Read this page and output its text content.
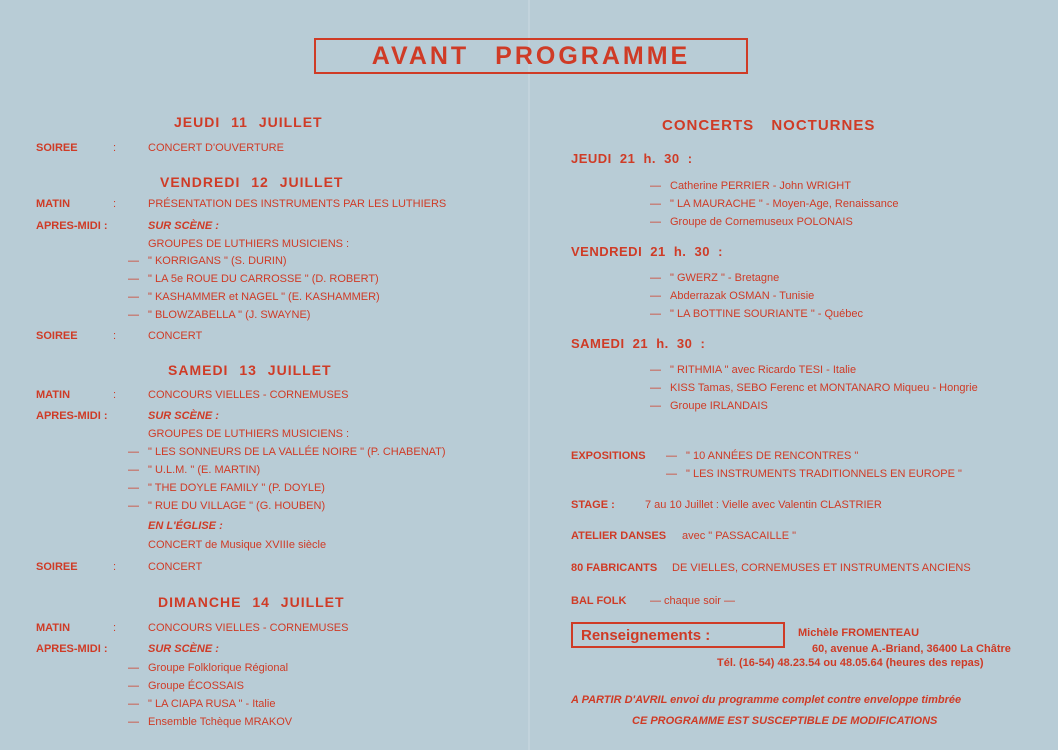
AVANT PROGRAMME
JEUDI 11 JUILLET
SOIREE	:	CONCERT D'OUVERTURE
VENDREDI 12 JUILLET
MATIN	:	PRÉSENTATION DES INSTRUMENTS PAR LES LUTHIERS
APRES-MIDI :	SUR SCÈNE :
GROUPES DE LUTHIERS MUSICIENS :
— " KORRIGANS " (S. DURIN)
— " LA 5e ROUE DU CARROSSE " (D. ROBERT)
— " KASHAMMER et NAGEL " (E. KASHAMMER)
— " BLOWZABELLA " (J. SWAYNE)
SOIREE	:	CONCERT
SAMEDI 13 JUILLET
MATIN	:	CONCOURS VIELLES - CORNEMUSES
APRES-MIDI :	SUR SCÈNE :
GROUPES DE LUTHIERS MUSICIENS :
— " LES SONNEURS DE LA VALLÉE NOIRE " (P. CHABENAT)
— " U.L.M. " (E. MARTIN)
— " THE DOYLE FAMILY " (P. DOYLE)
— " RUE DU VILLAGE " (G. HOUBEN)
EN L'ÉGLISE :
CONCERT de Musique XVIIIe siècle
SOIREE	:	CONCERT
DIMANCHE 14 JUILLET
MATIN	:	CONCOURS VIELLES - CORNEMUSES
APRES-MIDI :	SUR SCÈNE :
— Groupe Folklorique Régional
— Groupe ÉCOSSAIS
— " LA CIAPA RUSA " - Italie
— Ensemble Tchèque MRAKOV
CONCERTS NOCTURNES
JEUDI 21 h. 30 :
— Catherine PERRIER - John WRIGHT
— " LA MAURACHE " - Moyen-Age, Renaissance
— Groupe de Cornemuseux POLONAIS
VENDREDI 21 h. 30 :
— " GWERZ " - Bretagne
— Abderrazak OSMAN - Tunisie
— " LA BOTTINE SOURIANTE " - Québec
SAMEDI 21 h. 30 :
— " RITHMIA " avec Ricardo TESI - Italie
— KISS Tamas, SEBO Ferenc et MONTANARO Miqueu - Hongrie
— Groupe IRLANDAIS
EXPOSITIONS — " 10 ANNÉES DE RENCONTRES "
— " LES INSTRUMENTS TRADITIONNELS EN EUROPE "
STAGE :	7 au 10 Juillet : Vielle avec Valentin CLASTRIER
ATELIER DANSES avec " PASSACAILLE "
80 FABRICANTS DE VIELLES, CORNEMUSES ET INSTRUMENTS ANCIENS
BAL FOLK — chaque soir —
Renseignements :	Michèle FROMENTEAU
60, avenue A.-Briand, 36400 La Châtre
Tél. (16-54) 48.23.54 ou 48.05.64 (heures des repas)
A PARTIR D'AVRIL envoi du programme complet contre enveloppe timbrée
CE PROGRAMME EST SUSCEPTIBLE DE MODIFICATIONS
